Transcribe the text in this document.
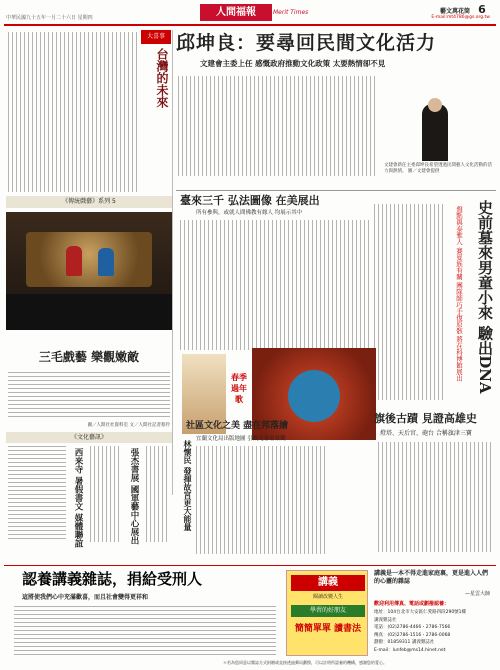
中華民國九十五年一月二十六日 星期四	人間福報	Merit Times	藝文萬花筒 6
E-mail:mt4786@gs.org.tw
大喜事
台灣的未來
邱坤良：要尋回民間文化活力
文建會主委上任 感慨政府推動文化政策 太要熱情卻不見
文建會新任主委邱坤良希望透過民間藝人文化活動的活力與熱情。 圖／文建會提供
臺來三千 弘法圖像 在美展出
所有參與，或就人間佛教有緣人 均展示其中	史前墓來男童小來 驗出DNA
盤點與泰雅人 賽夏族有關 團隊師巧手復原骸 將在科博館展出
《傳統戲藝》系列 5
三毛戲藝 樂觀嫩敵
圖／人間社社資料室 文／人間社記者蔡伶
《文化藝訊》
西来寺 暑假書文 媒體聯誼	張杰書展 國軍藝中心展出
春季 過年 歌
林懷民 發揮故宮更大能量
旗後古蹟 見證高雄史
燈塔、天后宮、砲台 合稱旗津三寶
社區文化之美 盡在邦落繪
宜蘭文化局出版地圖 引觀光客看景觀
認養講義雜誌，捐給受刑人
這將使我們心中充滿歡喜，而且社會變得更祥和
講義
閱讀改變人生
學習的好朋友
簡簡單單 讀書法
講義是一本不得走進家庭裏，更是進入人們的心靈的雜誌
—星雲大師
歡迎利用傳真、電話或劃撥認養：
地址：104台北市大安區仁愛路四段290號1樓
講義雜誌社
電話：(02)2786-4466・2786-7566
傳真：(02)2786-1516・2786-0068
劃撥：01859311 講義雜誌社
E-mail：lunfeb@ms14.hinet.net
＊若為您同意以雜誌方式捐贈或直接透過郵局劃撥，可以註明所認養的機構，感謝您的愛心。
